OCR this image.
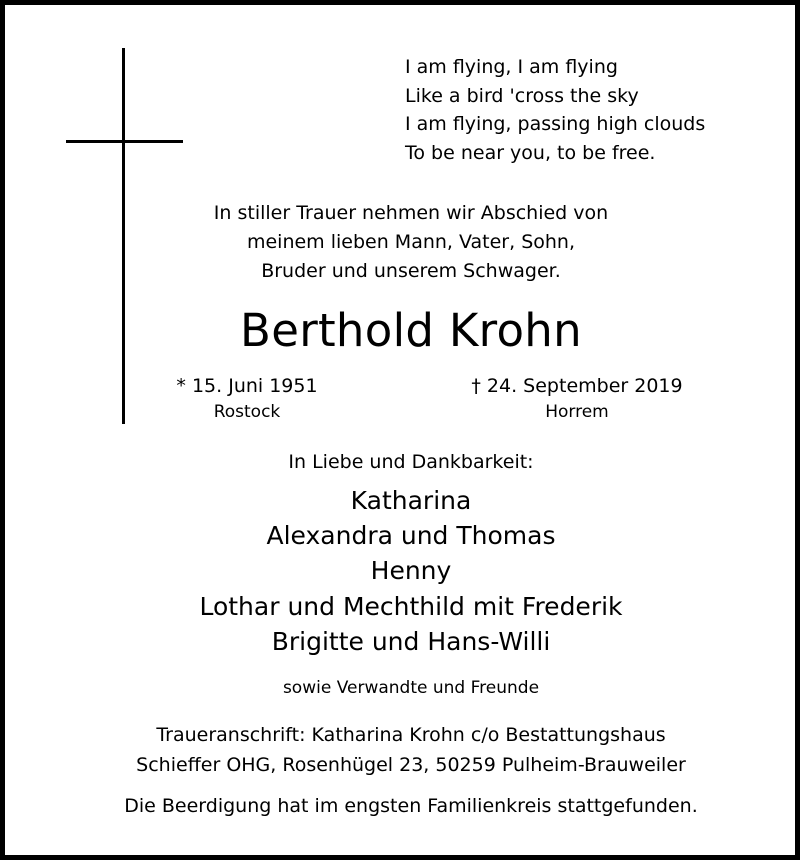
I am flying, I am flying
Like a bird 'cross the sky
I am flying, passing high clouds
To be near you, to be free.
In stiller Trauer nehmen wir Abschied von
meinem lieben Mann, Vater, Sohn,
Bruder und unserem Schwager.
Berthold Krohn
* 15. Juni 1951
Rostock
† 24. September 2019
Horrem
In Liebe und Dankbarkeit:
Katharina
Alexandra und Thomas
Henny
Lothar und Mechthild mit Frederik
Brigitte und Hans-Willi
sowie Verwandte und Freunde
Traueranschrift: Katharina Krohn c/o Bestattungshaus
Schieffer OHG, Rosenhügel 23, 50259 Pulheim-Brauweiler
Die Beerdigung hat im engsten Familienkreis stattgefunden.
